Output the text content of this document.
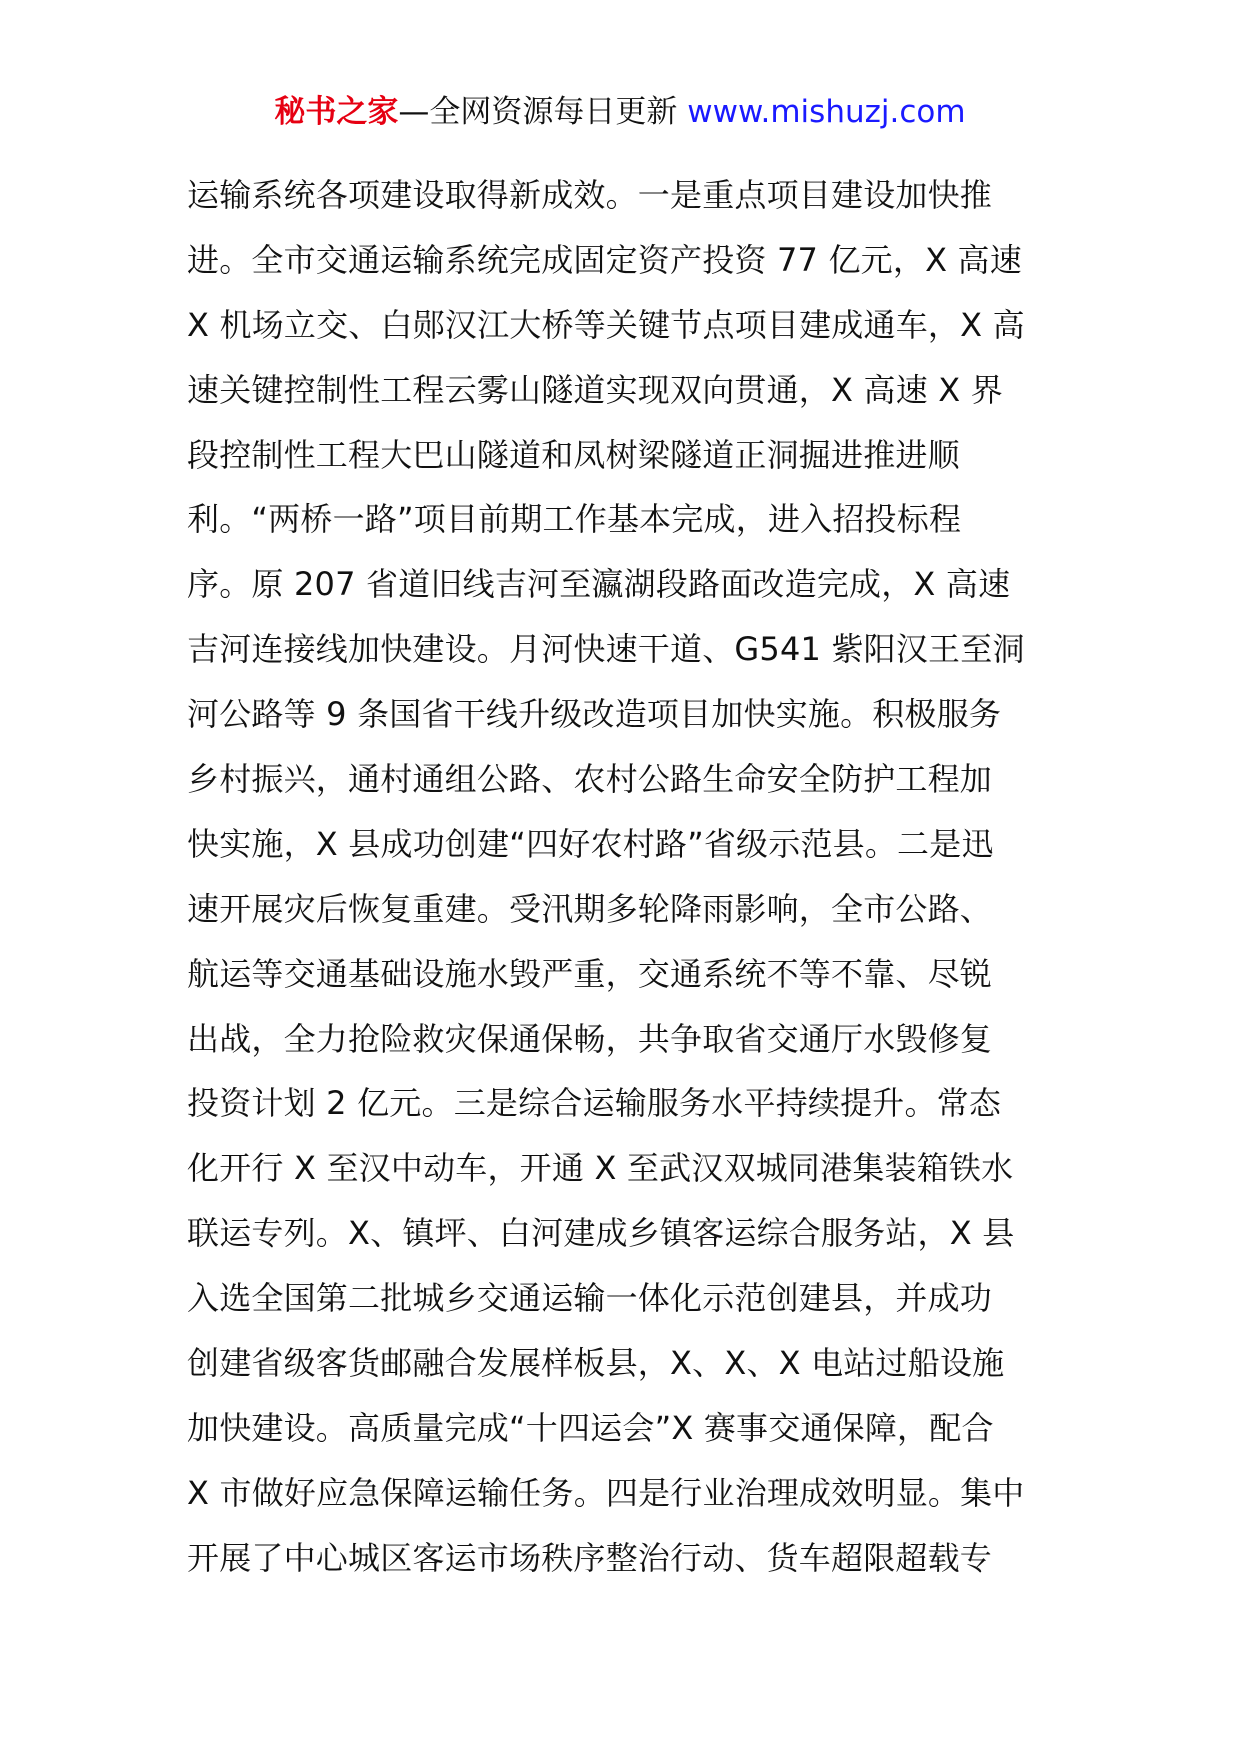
秘书之家—全网资源每日更新 www.mishuzj.com
运输系统各项建设取得新成效。一是重点项目建设加快推
进。全市交通运输系统完成固定资产投资 77 亿元，X 高速
X 机场立交、白郧汉江大桥等关键节点项目建成通车，X 高
速关键控制性工程云雾山隧道实现双向贯通，X 高速 X 界
段控制性工程大巴山隧道和凤树梁隧道正洞掘进推进顺
利。“两桥一路”项目前期工作基本完成，进入招投标程
序。原 207 省道旧线吉河至瀛湖段路面改造完成，X 高速
吉河连接线加快建设。月河快速干道、G541 紫阳汉王至洞
河公路等 9 条国省干线升级改造项目加快实施。积极服务
乡村振兴，通村通组公路、农村公路生命安全防护工程加
快实施，X 县成功创建“四好农村路”省级示范县。二是迅
速开展灾后恢复重建。受汛期多轮降雨影响，全市公路、
航运等交通基础设施水毁严重，交通系统不等不靠、尽锐
出战，全力抢险救灾保通保畅，共争取省交通厅水毁修复
投资计划 2 亿元。三是综合运输服务水平持续提升。常态
化开行 X 至汉中动车，开通 X 至武汉双城同港集装箱铁水
联运专列。X、镇坪、白河建成乡镇客运综合服务站，X 县
入选全国第二批城乡交通运输一体化示范创建县，并成功
创建省级客货邮融合发展样板县，X、X、X 电站过船设施
加快建设。高质量完成“十四运会”X 赛事交通保障，配合
X 市做好应急保障运输任务。四是行业治理成效明显。集中
开展了中心城区客运市场秩序整治行动、货车超限超载专
